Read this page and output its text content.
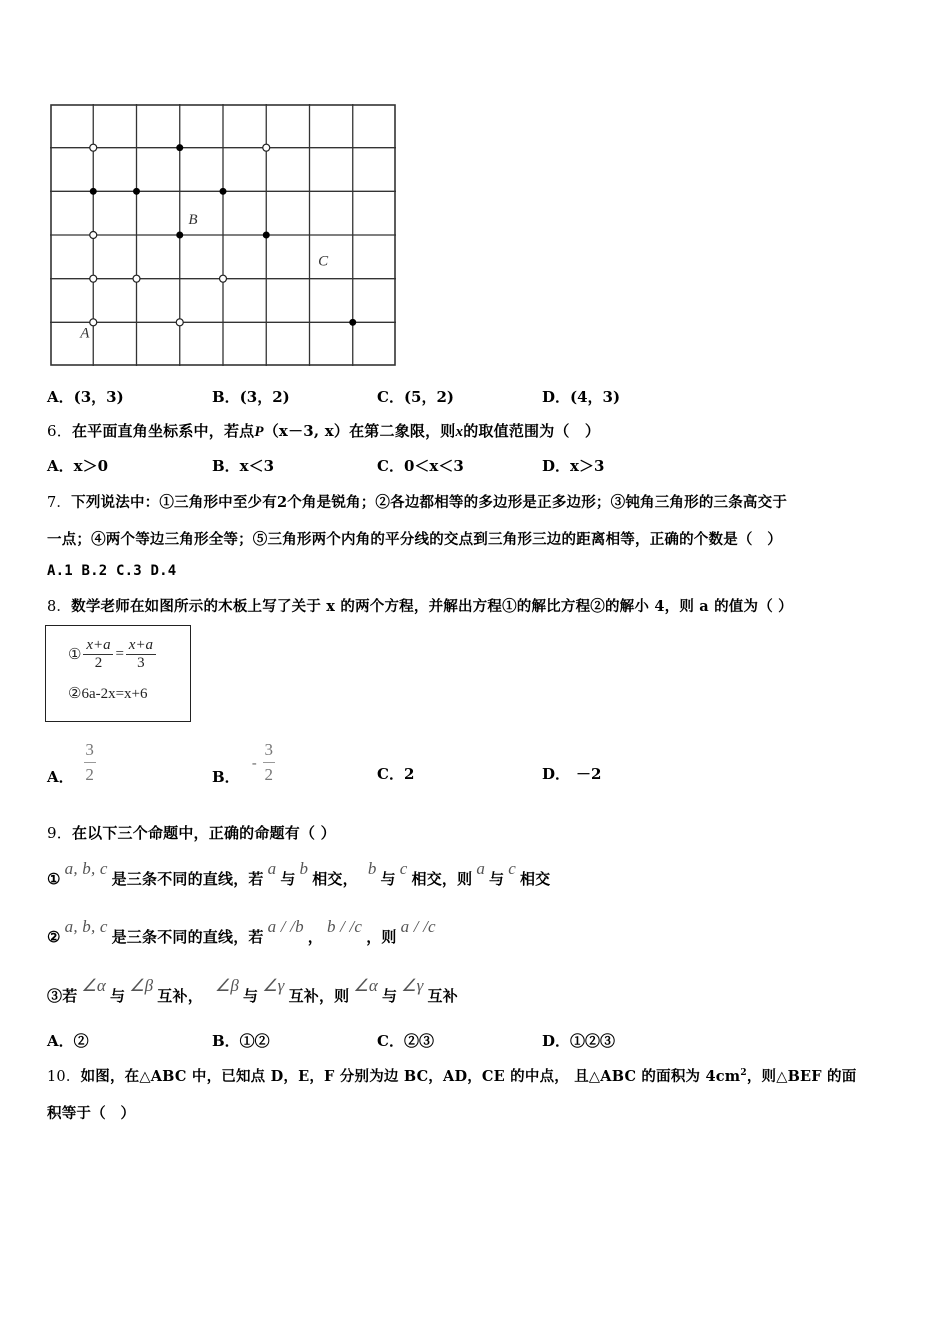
A
B
C
A．(3，3)	B．(3，2)	C．(5，2)	D．(4，3)
6．在平面直角坐标系中，若点P（x－3, x）在第二象限，则x的取值范围为（　）
A．x＞0	B．x＜3	C．0＜x＜3	D．x＞3
7．下列说法中：①三角形中至少有2个角是锐角；②各边都相等的多边形是正多边形；③钝角三角形的三条高交于
一点；④两个等边三角形全等；⑤三角形两个内角的平分线的交点到三角形三边的距离相等，正确的个数是（　）
A.1 B.2 C.3 D.4
8．数学老师在如图所示的木板上写了关于 x 的两个方程，并解出方程①的解比方程②的解小 4，则 a 的值为（ ）
①
x+a
2
=
x+a
3
②6a-2x=x+6
A． $\frac{3}{2}$	B．
- $\frac{3}{2}$	C．2	D． －2
9．在以下三个命题中，正确的命题有（ ）
①a, b, c是三条不同的直线，若a与b相交，b与c相交，则a与c相交
②a, b, c是三条不同的直线，若a / /b，b / /c，则a / /c
③若∠α与∠β互补，∠β与∠γ互补，则∠α与∠γ互补
A．②	B．①②	C．②③	D．①②③
10．如图，在△ABC 中，已知点 D，E，F 分别为边 BC，AD，CE 的中点， 且△ABC 的面积为 $4cm^2$，则△BEF 的面
积等于（　）
